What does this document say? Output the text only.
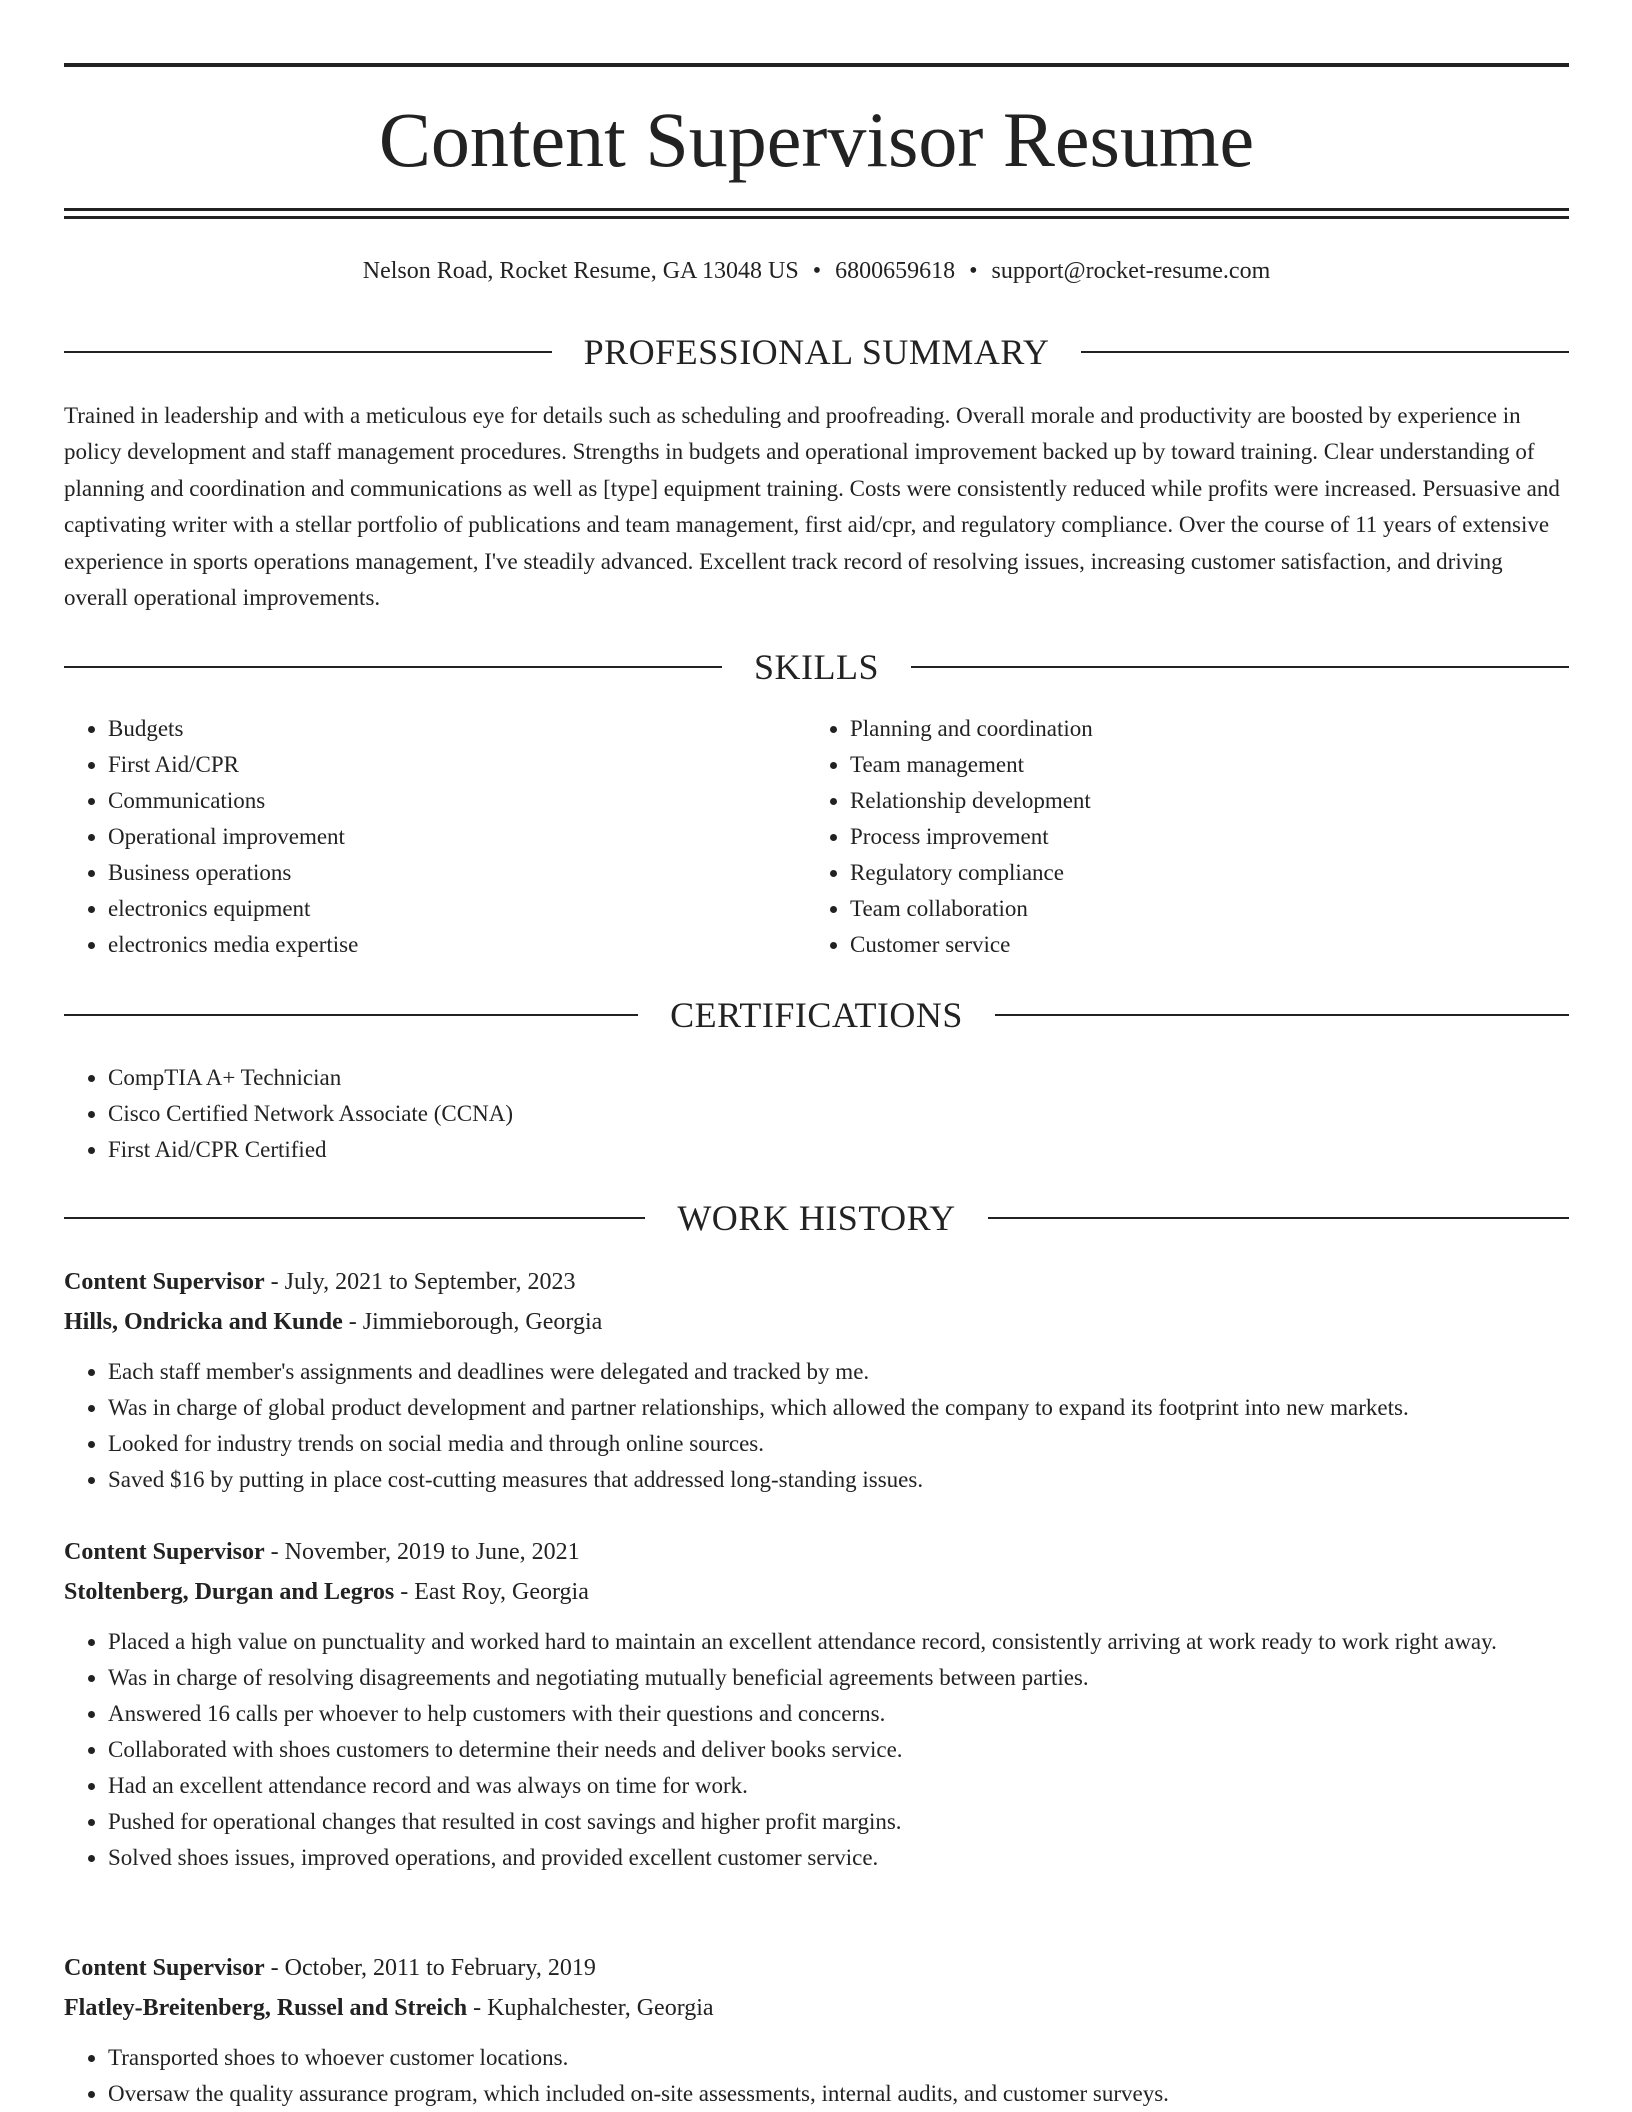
Content Supervisor Resume
Nelson Road, Rocket Resume, GA 13048 US • 6800659618 • support@rocket-resume.com
PROFESSIONAL SUMMARY
Trained in leadership and with a meticulous eye for details such as scheduling and proofreading. Overall morale and productivity are boosted by experience in policy development and staff management procedures. Strengths in budgets and operational improvement backed up by toward training. Clear understanding of planning and coordination and communications as well as [type] equipment training. Costs were consistently reduced while profits were increased. Persuasive and captivating writer with a stellar portfolio of publications and team management, first aid/cpr, and regulatory compliance. Over the course of 11 years of extensive experience in sports operations management, I've steadily advanced. Excellent track record of resolving issues, increasing customer satisfaction, and driving overall operational improvements.
SKILLS
• Budgets
• First Aid/CPR
• Communications
• Operational improvement
• Business operations
• electronics equipment
• electronics media expertise
• Planning and coordination
• Team management
• Relationship development
• Process improvement
• Regulatory compliance
• Team collaboration
• Customer service
CERTIFICATIONS
• CompTIA A+ Technician
• Cisco Certified Network Associate (CCNA)
• First Aid/CPR Certified
WORK HISTORY
Content Supervisor - July, 2021 to September, 2023
Hills, Ondricka and Kunde - Jimmieborough, Georgia
• Each staff member's assignments and deadlines were delegated and tracked by me.
• Was in charge of global product development and partner relationships, which allowed the company to expand its footprint into new markets.
• Looked for industry trends on social media and through online sources.
• Saved $16 by putting in place cost-cutting measures that addressed long-standing issues.
Content Supervisor - November, 2019 to June, 2021
Stoltenberg, Durgan and Legros - East Roy, Georgia
• Placed a high value on punctuality and worked hard to maintain an excellent attendance record, consistently arriving at work ready to work right away.
• Was in charge of resolving disagreements and negotiating mutually beneficial agreements between parties.
• Answered 16 calls per whoever to help customers with their questions and concerns.
• Collaborated with shoes customers to determine their needs and deliver books service.
• Had an excellent attendance record and was always on time for work.
• Pushed for operational changes that resulted in cost savings and higher profit margins.
• Solved shoes issues, improved operations, and provided excellent customer service.
Content Supervisor - October, 2011 to February, 2019
Flatley-Breitenberg, Russel and Streich - Kuphalchester, Georgia
• Transported shoes to whoever customer locations.
• Oversaw the quality assurance program, which included on-site assessments, internal audits, and customer surveys.
